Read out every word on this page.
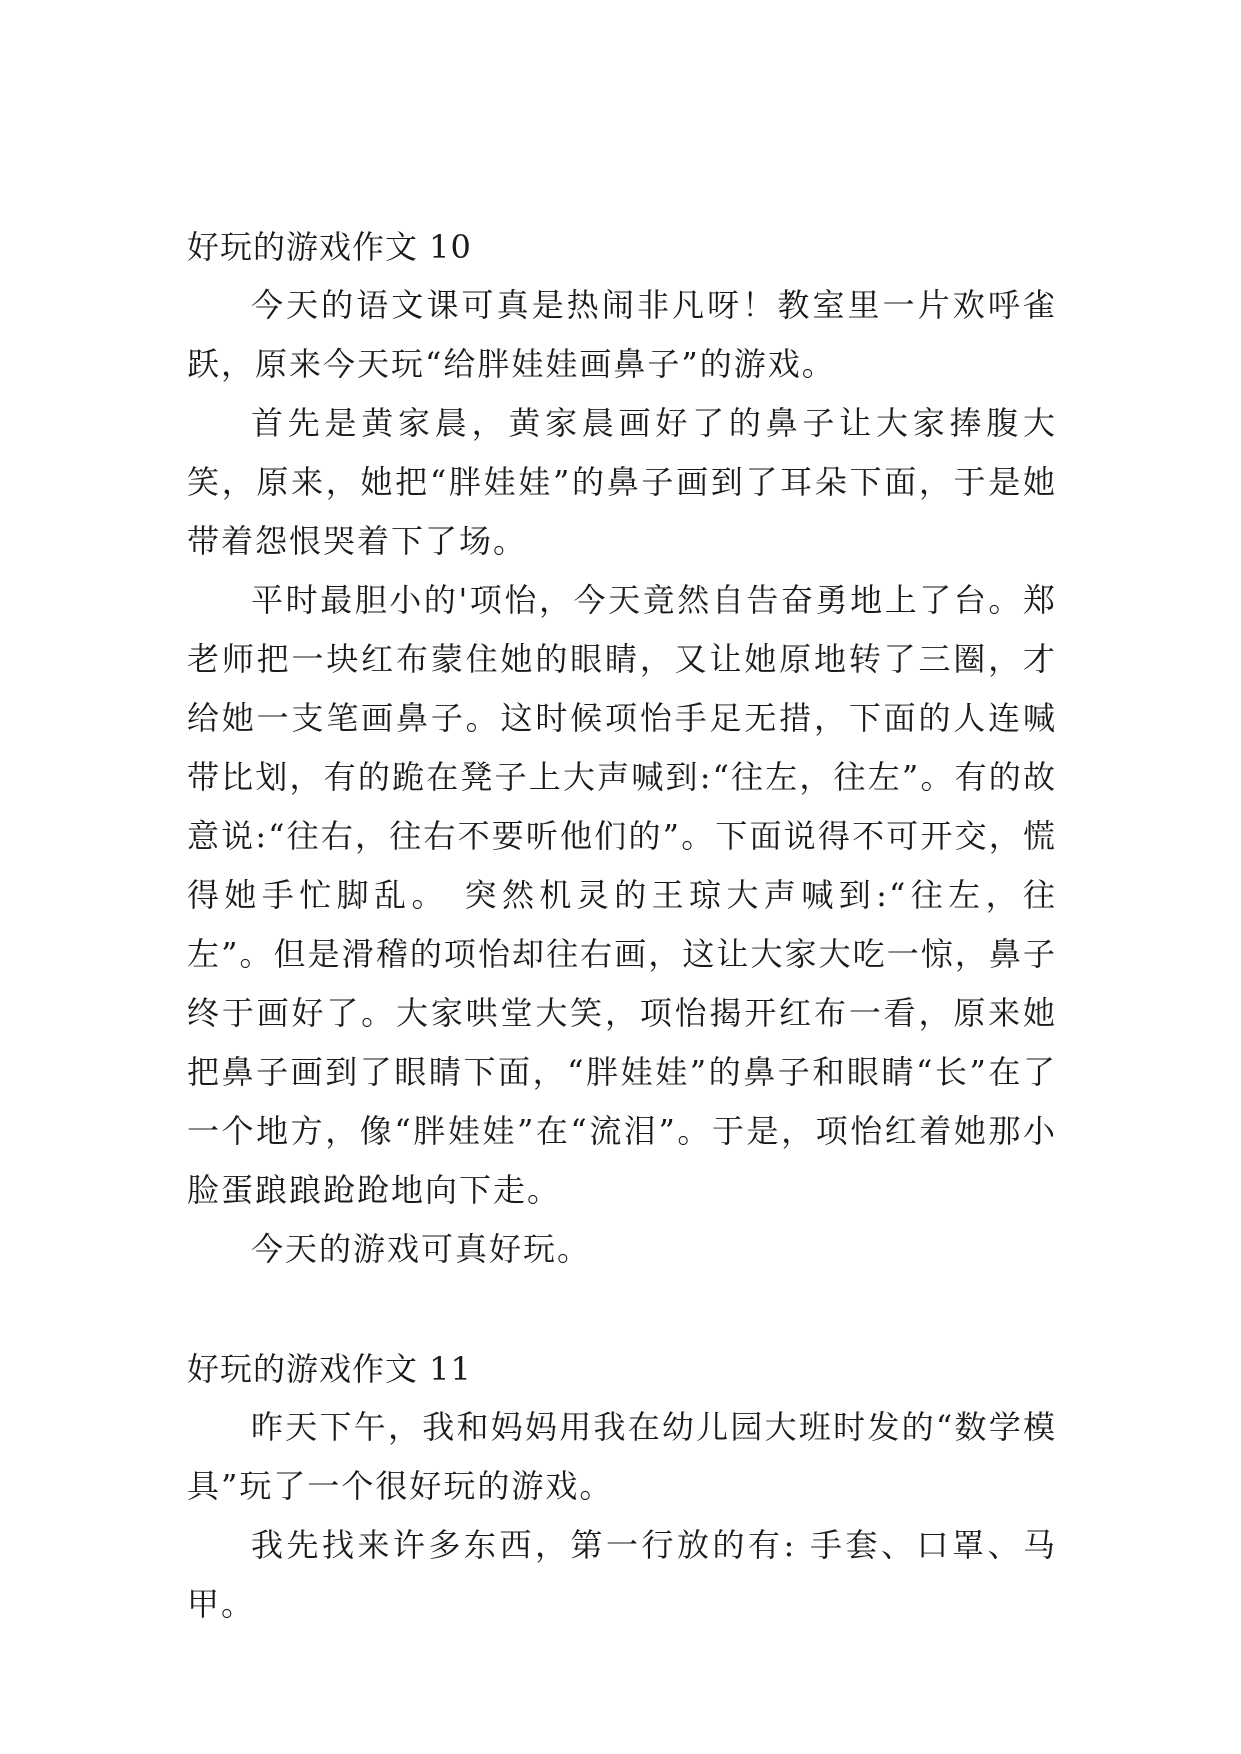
好玩的游戏作文 10

今天的语文课可真是热闹非凡呀！教室里一片欢呼雀跃，原来今天玩“给胖娃娃画鼻子”的游戏。

首先是黄家晨，黄家晨画好了的鼻子让大家捧腹大笑，原来，她把“胖娃娃”的鼻子画到了耳朵下面，于是她带着怨恨哭着下了场。

平时最胆小的'项怡，今天竟然自告奋勇地上了台。郑老师把一块红布蒙住她的眼睛，又让她原地转了三圈，才给她一支笔画鼻子。这时候项怡手足无措，下面的人连喊带比划，有的跪在凳子上大声喊到:“往左，往左”。有的故意说:“往右，往右不要听他们的”。下面说得不可开交，慌得她手忙脚乱。 突然机灵的王琼大声喊到:“往左，往左”。但是滑稽的项怡却往右画，这让大家大吃一惊，鼻子终于画好了。大家哄堂大笑，项怡揭开红布一看，原来她把鼻子画到了眼睛下面，“胖娃娃”的鼻子和眼睛“长”在了一个地方，像“胖娃娃”在“流泪”。于是，项怡红着她那小脸蛋踉踉跄跄地向下走。

今天的游戏可真好玩。

好玩的游戏作文 11

昨天下午，我和妈妈用我在幼儿园大班时发的“数学模具”玩了一个很好玩的游戏。

我先找来许多东西，第一行放的有: 手套、口罩、马甲。
